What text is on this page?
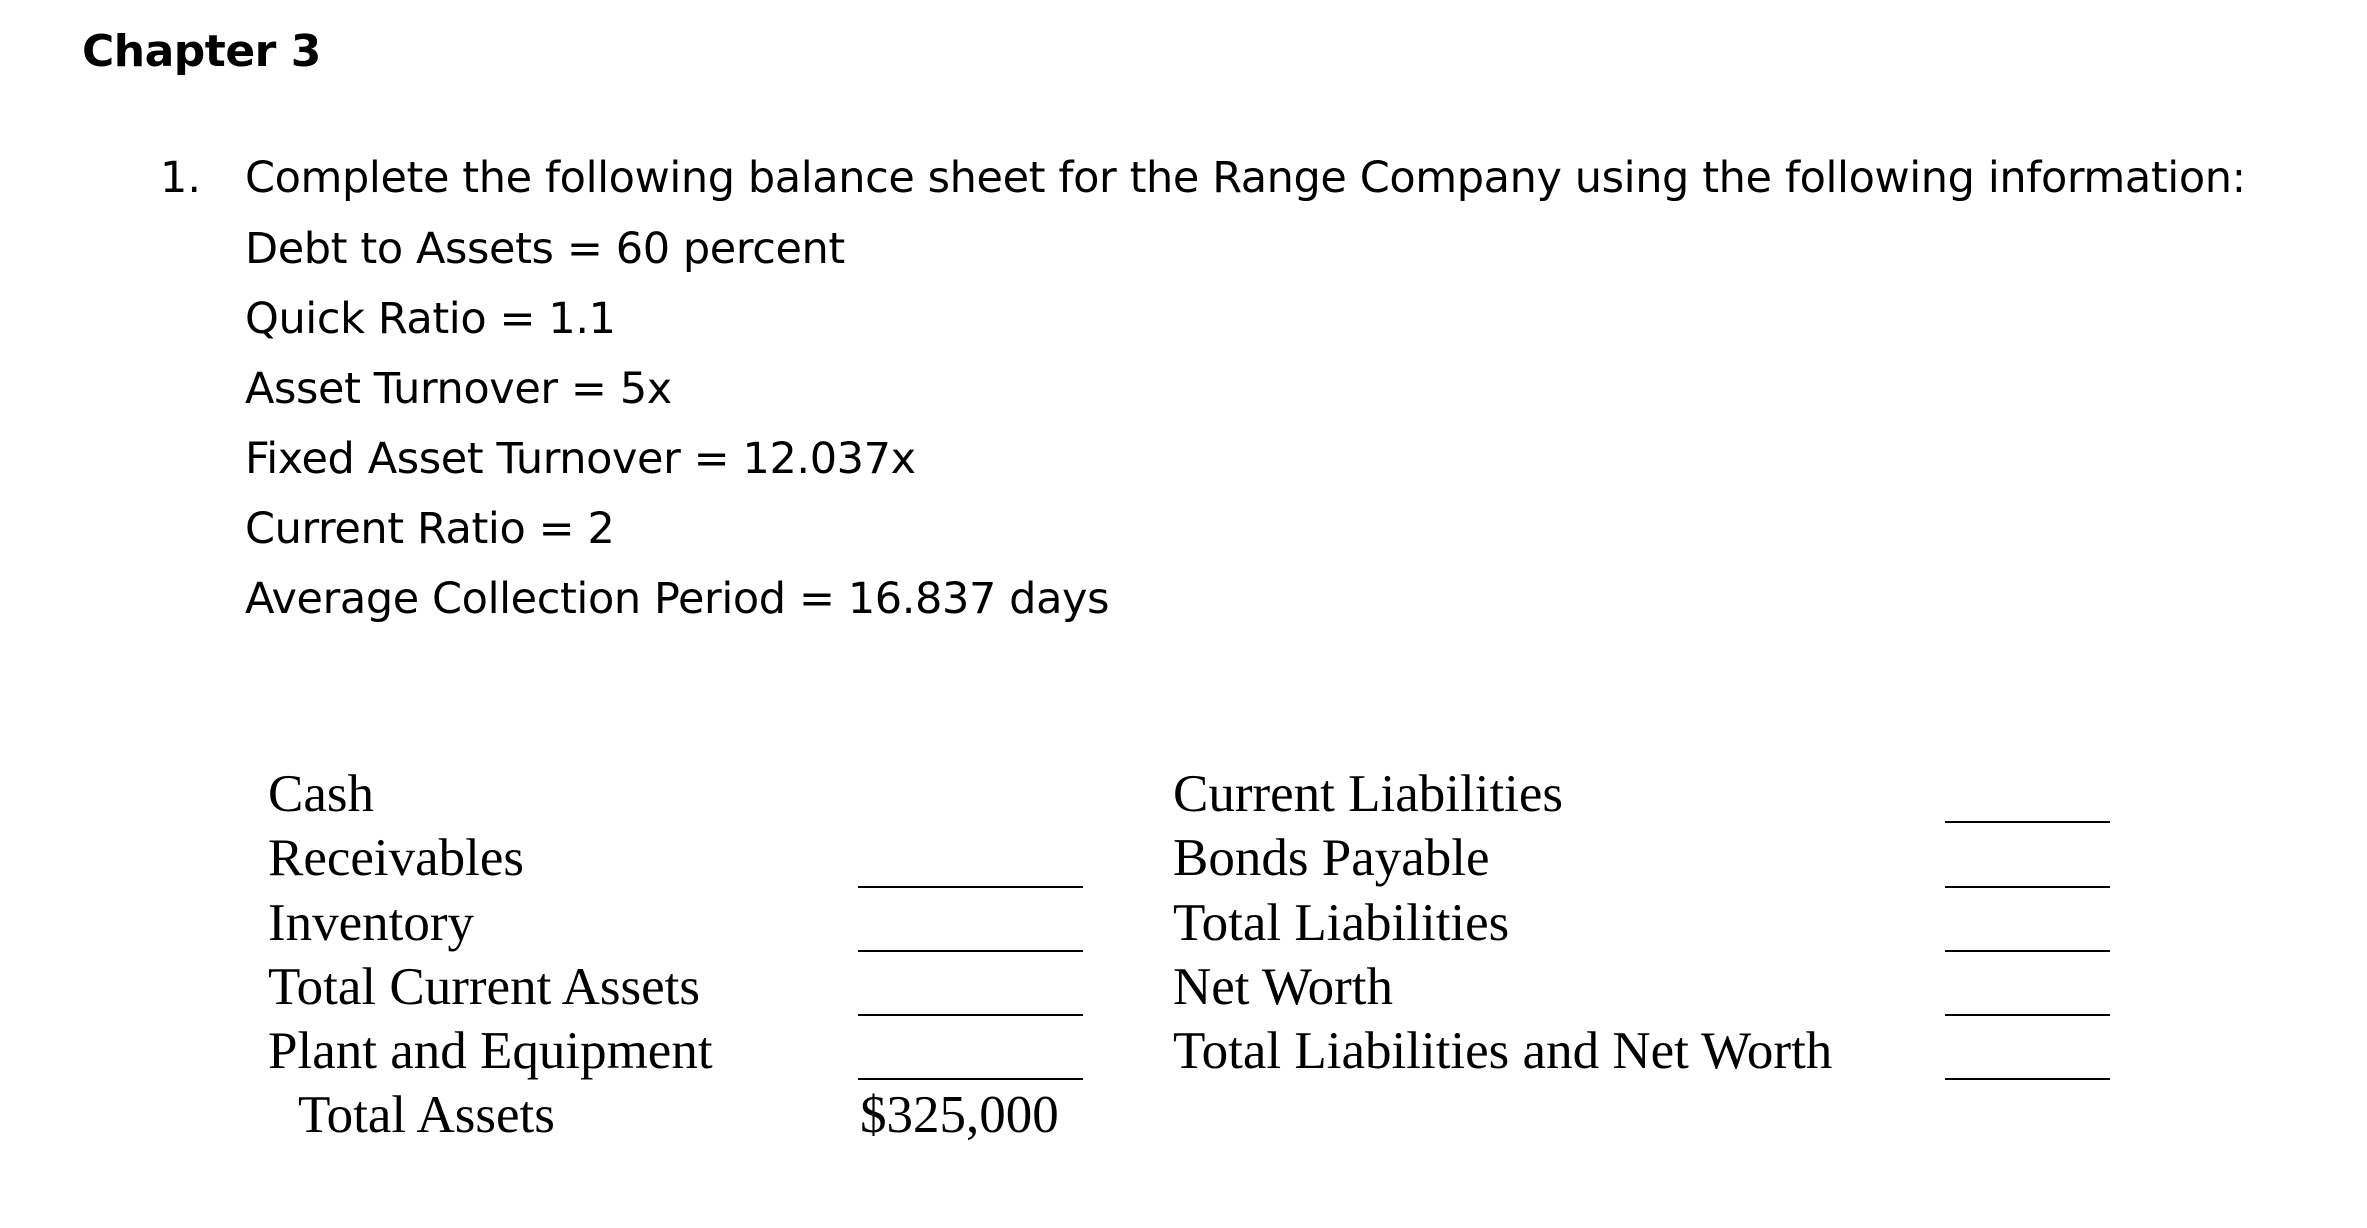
Chapter 3
1. Complete the following balance sheet for the Range Company using the following information:
Debt to Assets = 60 percent
Quick Ratio = 1.1
Asset Turnover = 5x
Fixed Asset Turnover = 12.037x
Current Ratio = 2
Average Collection Period = 16.837 days
Cash
Receivables
Inventory
Total Current Assets
Plant and Equipment
Total Assets	$325,000
Current Liabilities
Bonds Payable
Total Liabilities
Net Worth
Total Liabilities and Net Worth
